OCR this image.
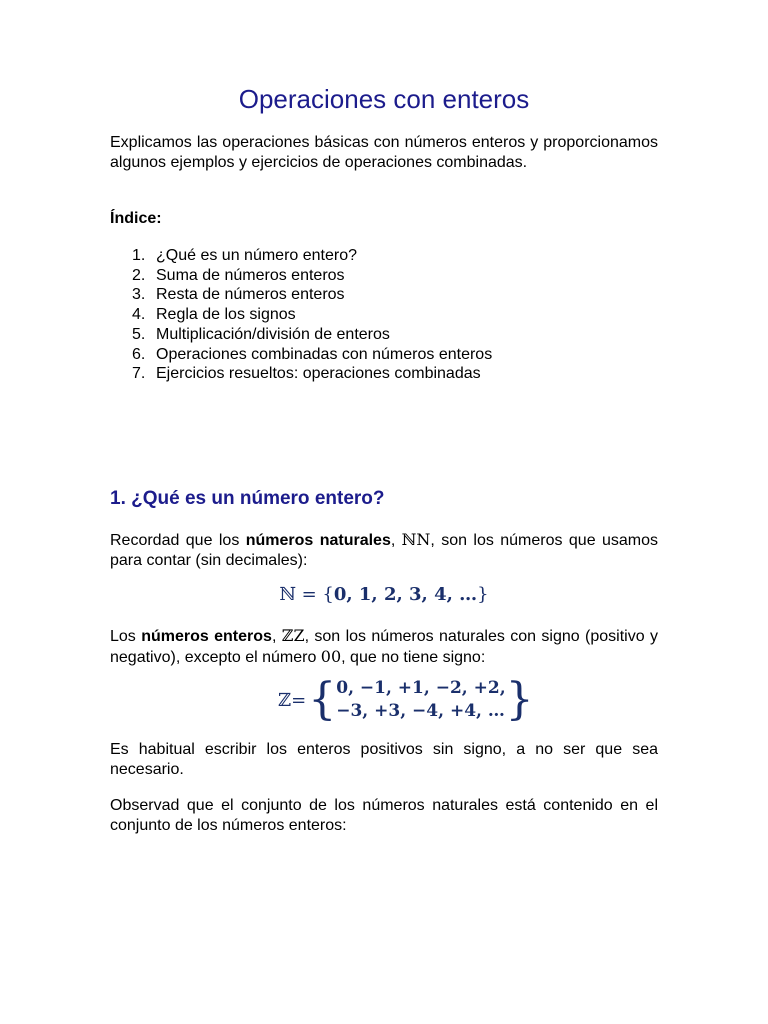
Operaciones con enteros

Explicamos las operaciones básicas con números enteros y proporcionamos algunos ejemplos y ejercicios de operaciones combinadas.

Índice:

1. ¿Qué es un número entero?
2. Suma de números enteros
3. Resta de números enteros
4. Regla de los signos
5. Multiplicación/división de enteros
6. Operaciones combinadas con números enteros
7. Ejercicios resueltos: operaciones combinadas
1. ¿Qué es un número entero?

Recordad que los números naturales, ℕN, son los números que usamos para contar (sin decimales):

ℕ = {0, 1, 2, 3, 4, …}

Los números enteros, ℤZ, son los números naturales con signo (positivo y negativo), excepto el número 00, que no tiene signo:

ℤ= { 0, −1, +1, −2, +2,
−3, +3, −4, +4, … }

Es habitual escribir los enteros positivos sin signo, a no ser que sea necesario.

Observad que el conjunto de los números naturales está contenido en el conjunto de los números enteros:
